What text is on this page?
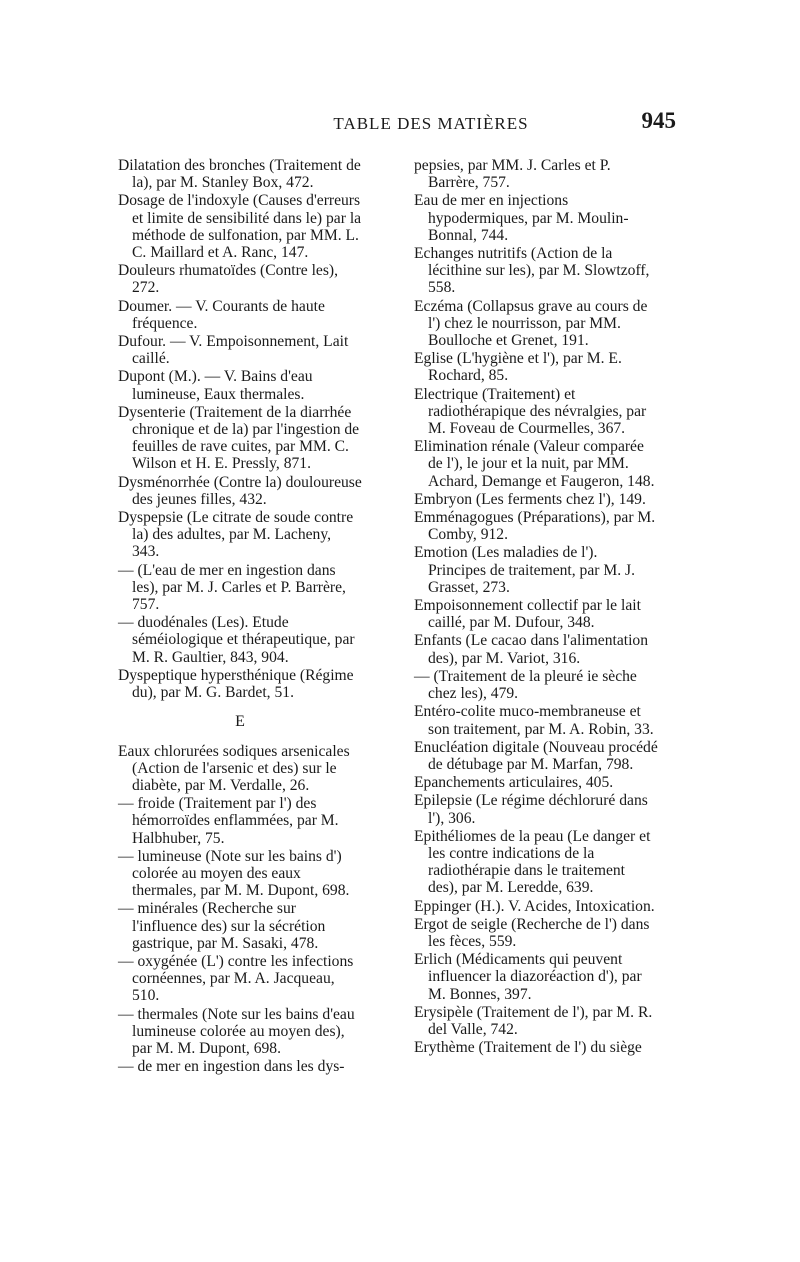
TABLE DES MATIÈRES	945

Dilatation des bronches (Traitement de la), par M. Stanley Box, 472.

Dosage de l'indoxyle (Causes d'erreurs et limite de sensibilité dans le) par la méthode de sulfonation, par MM. L. C. Maillard et A. Ranc, 147.

Douleurs rhumatoïdes (Contre les), 272.

Doumer. — V. Courants de haute fréquence.

Dufour. — V. Empoisonnement, Lait caillé.

Dupont (M.). — V. Bains d'eau lumineuse, Eaux thermales.

Dysenterie (Traitement de la diarrhée chronique et de la) par l'ingestion de feuilles de rave cuites, par MM. C. Wilson et H. E. Pressly, 871.

Dysménorrhée (Contre la) douloureuse des jeunes filles, 432.

Dyspepsie (Le citrate de soude contre la) des adultes, par M. Lacheny, 343.

— (L'eau de mer en ingestion dans les), par M. J. Carles et P. Barrère, 757.

— duodénales (Les). Etude séméiologique et thérapeutique, par M. R. Gaultier, 843, 904.

Dyspeptique hypersthénique (Régime du), par M. G. Bardet, 51.

E

Eaux chlorurées sodiques arsenicales (Action de l'arsenic et des) sur le diabète, par M. Verdalle, 26.

— froide (Traitement par l') des hémorroïdes enflammées, par M. Halbhuber, 75.

— lumineuse (Note sur les bains d') colorée au moyen des eaux thermales, par M. M. Dupont, 698.

— minérales (Recherche sur l'influence des) sur la sécrétion gastrique, par M. Sasaki, 478.

— oxygénée (L') contre les infections cornéennes, par M. A. Jacqueau, 510.

— thermales (Note sur les bains d'eau lumineuse colorée au moyen des), par M. M. Dupont, 698.

— de mer en ingestion dans les dys-

pepsies, par MM. J. Carles et P. Barrère, 757.

Eau de mer en injections hypodermiques, par M. Moulin-Bonnal, 744.

Echanges nutritifs (Action de la lécithine sur les), par M. Slowtzoff, 558.

Eczéma (Collapsus grave au cours de l') chez le nourrisson, par MM. Boulloche et Grenet, 191.

Eglise (L'hygiène et l'), par M. E. Rochard, 85.

Electrique (Traitement) et radiothérapique des névralgies, par M. Foveau de Courmelles, 367.

Elimination rénale (Valeur comparée de l'), le jour et la nuit, par MM. Achard, Demange et Faugeron, 148.

Embryon (Les ferments chez l'), 149.

Emménagogues (Préparations), par M. Comby, 912.

Emotion (Les maladies de l'). Principes de traitement, par M. J. Grasset, 273.

Empoisonnement collectif par le lait caillé, par M. Dufour, 348.

Enfants (Le cacao dans l'alimentation des), par M. Variot, 316.

— (Traitement de la pleuré ie sèche chez les), 479.

Entéro-colite muco-membraneuse et son traitement, par M. A. Robin, 33.

Enucléation digitale (Nouveau procédé de détubage par M. Marfan, 798.

Epanchements articulaires, 405.

Epilepsie (Le régime déchloruré dans l'), 306.

Epithéliomes de la peau (Le danger et les contre indications de la radiothérapie dans le traitement des), par M. Leredde, 639.

Eppinger (H.). V. Acides, Intoxication.

Ergot de seigle (Recherche de l') dans les fèces, 559.

Erlich (Médicaments qui peuvent influencer la diazoréaction d'), par M. Bonnes, 397.

Erysipèle (Traitement de l'), par M. R. del Valle, 742.

Erythème (Traitement de l') du siège
